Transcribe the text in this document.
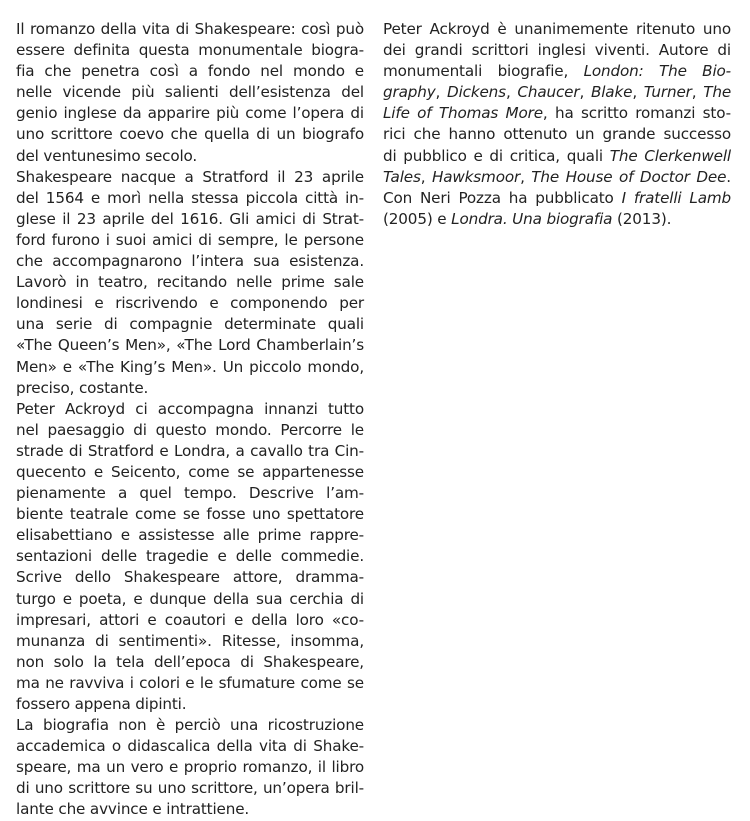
Il romanzo della vita di Shakespeare: così può
essere definita questa monumentale biogra-
fia che penetra così a fondo nel mondo e
nelle vicende più salienti dell’esistenza del
genio inglese da apparire più come l’opera di
uno scrittore coevo che quella di un biografo
del ventunesimo secolo.
Shakespeare nacque a Stratford il 23 aprile
del 1564 e morì nella stessa piccola città in-
glese il 23 aprile del 1616. Gli amici di Strat-
ford furono i suoi amici di sempre, le persone
che accompagnarono l’intera sua esistenza.
Lavorò in teatro, recitando nelle prime sale
londinesi e riscrivendo e componendo per
una serie di compagnie determinate quali
«The Queen’s Men», «The Lord Chamberlain’s
Men» e «The King’s Men». Un piccolo mondo,
preciso, costante.
Peter Ackroyd ci accompagna innanzi tutto
nel paesaggio di questo mondo. Percorre le
strade di Stratford e Londra, a cavallo tra Cin-
quecento e Seicento, come se appartenesse
pienamente a quel tempo. Descrive l’am-
biente teatrale come se fosse uno spettatore
elisabettiano e assistesse alle prime rappre-
sentazioni delle tragedie e delle commedie.
Scrive dello Shakespeare attore, dramma-
turgo e poeta, e dunque della sua cerchia di
impresari, attori e coautori e della loro «co-
munanza di sentimenti». Ritesse, insomma,
non solo la tela dell’epoca di Shakespeare,
ma ne ravviva i colori e le sfumature come se
fossero appena dipinti.
La biografia non è perciò una ricostruzione
accademica o didascalica della vita di Shake-
speare, ma un vero e proprio romanzo, il libro
di uno scrittore su uno scrittore, un’opera bril-
lante che avvince e intrattiene.
Peter Ackroyd è unanimemente ritenuto uno
dei grandi scrittori inglesi viventi. Autore di
monumentali biografie, London: The Bio-
graphy, Dickens, Chaucer, Blake, Turner, The
Life of Thomas More, ha scritto romanzi sto-
rici che hanno ottenuto un grande successo
di pubblico e di critica, quali The Clerkenwell
Tales, Hawksmoor, The House of Doctor Dee.
Con Neri Pozza ha pubblicato I fratelli Lamb
(2005) e Londra. Una biografia (2013).
